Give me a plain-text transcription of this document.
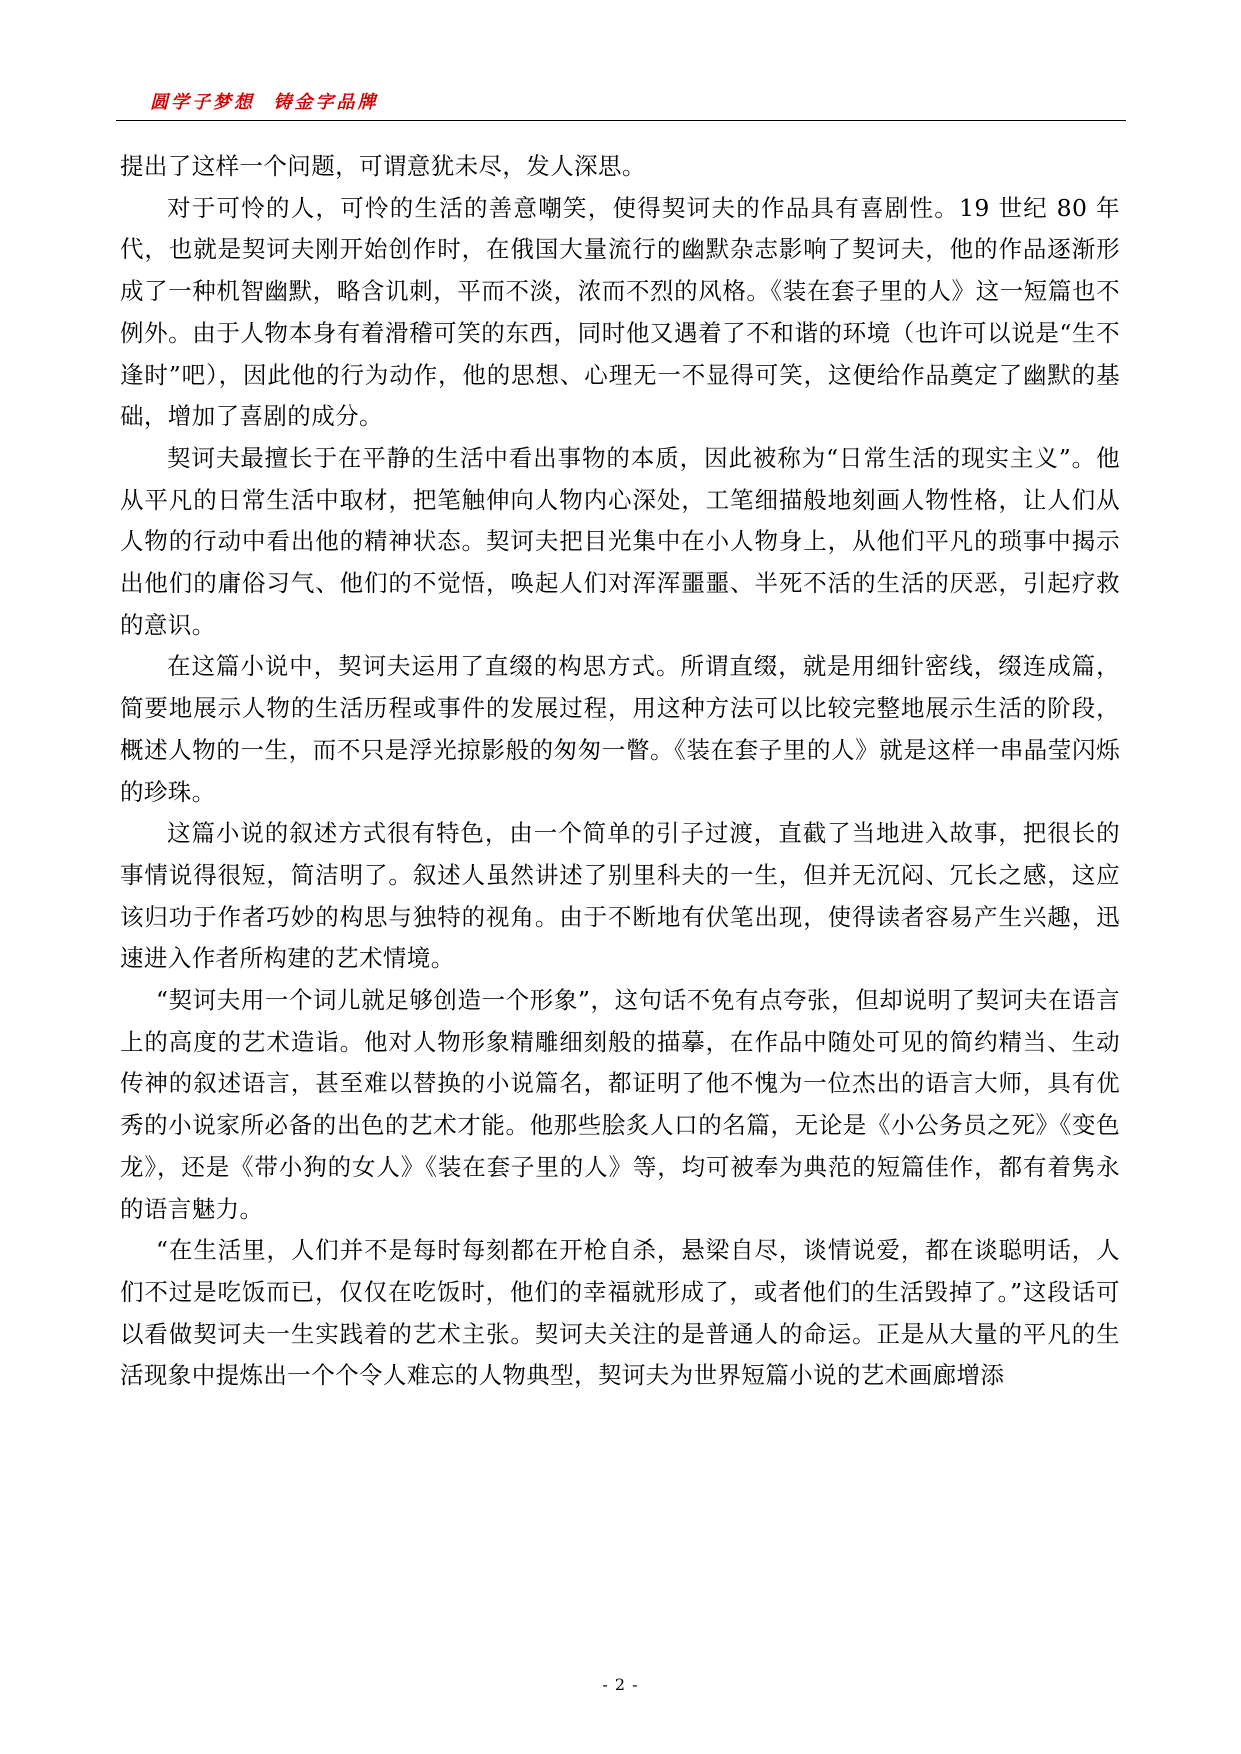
圆学子梦想  铸金字品牌

提出了这样一个问题，可谓意犹未尽，发人深思。

对于可怜的人，可怜的生活的善意嘲笑，使得契诃夫的作品具有喜剧性。19 世纪 80 年代，也就是契诃夫刚开始创作时，在俄国大量流行的幽默杂志影响了契诃夫，他的作品逐渐形成了一种机智幽默，略含讥刺，平而不淡，浓而不烈的风格。《装在套子里的人》这一短篇也不例外。由于人物本身有着滑稽可笑的东西，同时他又遇着了不和谐的环境（也许可以说是“生不逢时”吧），因此他的行为动作，他的思想、心理无一不显得可笑，这便给作品奠定了幽默的基础，增加了喜剧的成分。

契诃夫最擅长于在平静的生活中看出事物的本质，因此被称为“日常生活的现实主义”。他从平凡的日常生活中取材，把笔触伸向人物内心深处，工笔细描般地刻画人物性格，让人们从人物的行动中看出他的精神状态。契诃夫把目光集中在小人物身上，从他们平凡的琐事中揭示出他们的庸俗习气、他们的不觉悟，唤起人们对浑浑噩噩、半死不活的生活的厌恶，引起疗救的意识。

在这篇小说中，契诃夫运用了直缀的构思方式。所谓直缀，就是用细针密线，缀连成篇，简要地展示人物的生活历程或事件的发展过程，用这种方法可以比较完整地展示生活的阶段，概述人物的一生，而不只是浮光掠影般的匆匆一瞥。《装在套子里的人》就是这样一串晶莹闪烁的珍珠。

这篇小说的叙述方式很有特色，由一个简单的引子过渡，直截了当地进入故事，把很长的事情说得很短，简洁明了。叙述人虽然讲述了别里科夫的一生，但并无沉闷、冗长之感，这应该归功于作者巧妙的构思与独特的视角。由于不断地有伏笔出现，使得读者容易产生兴趣，迅速进入作者所构建的艺术情境。

“契诃夫用一个词儿就足够创造一个形象”，这句话不免有点夸张，但却说明了契诃夫在语言上的高度的艺术造诣。他对人物形象精雕细刻般的描摹，在作品中随处可见的简约精当、生动传神的叙述语言，甚至难以替换的小说篇名，都证明了他不愧为一位杰出的语言大师，具有优秀的小说家所必备的出色的艺术才能。他那些脍炙人口的名篇，无论是《小公务员之死》《变色龙》，还是《带小狗的女人》《装在套子里的人》等，均可被奉为典范的短篇佳作，都有着隽永的语言魅力。

“在生活里，人们并不是每时每刻都在开枪自杀，悬梁自尽，谈情说爱，都在谈聪明话，人们不过是吃饭而已，仅仅在吃饭时，他们的幸福就形成了，或者他们的生活毁掉了。”这段话可以看做契诃夫一生实践着的艺术主张。契诃夫关注的是普通人的命运。正是从大量的平凡的生活现象中提炼出一个个令人难忘的人物典型，契诃夫为世界短篇小说的艺术画廊增添

- 2 -
